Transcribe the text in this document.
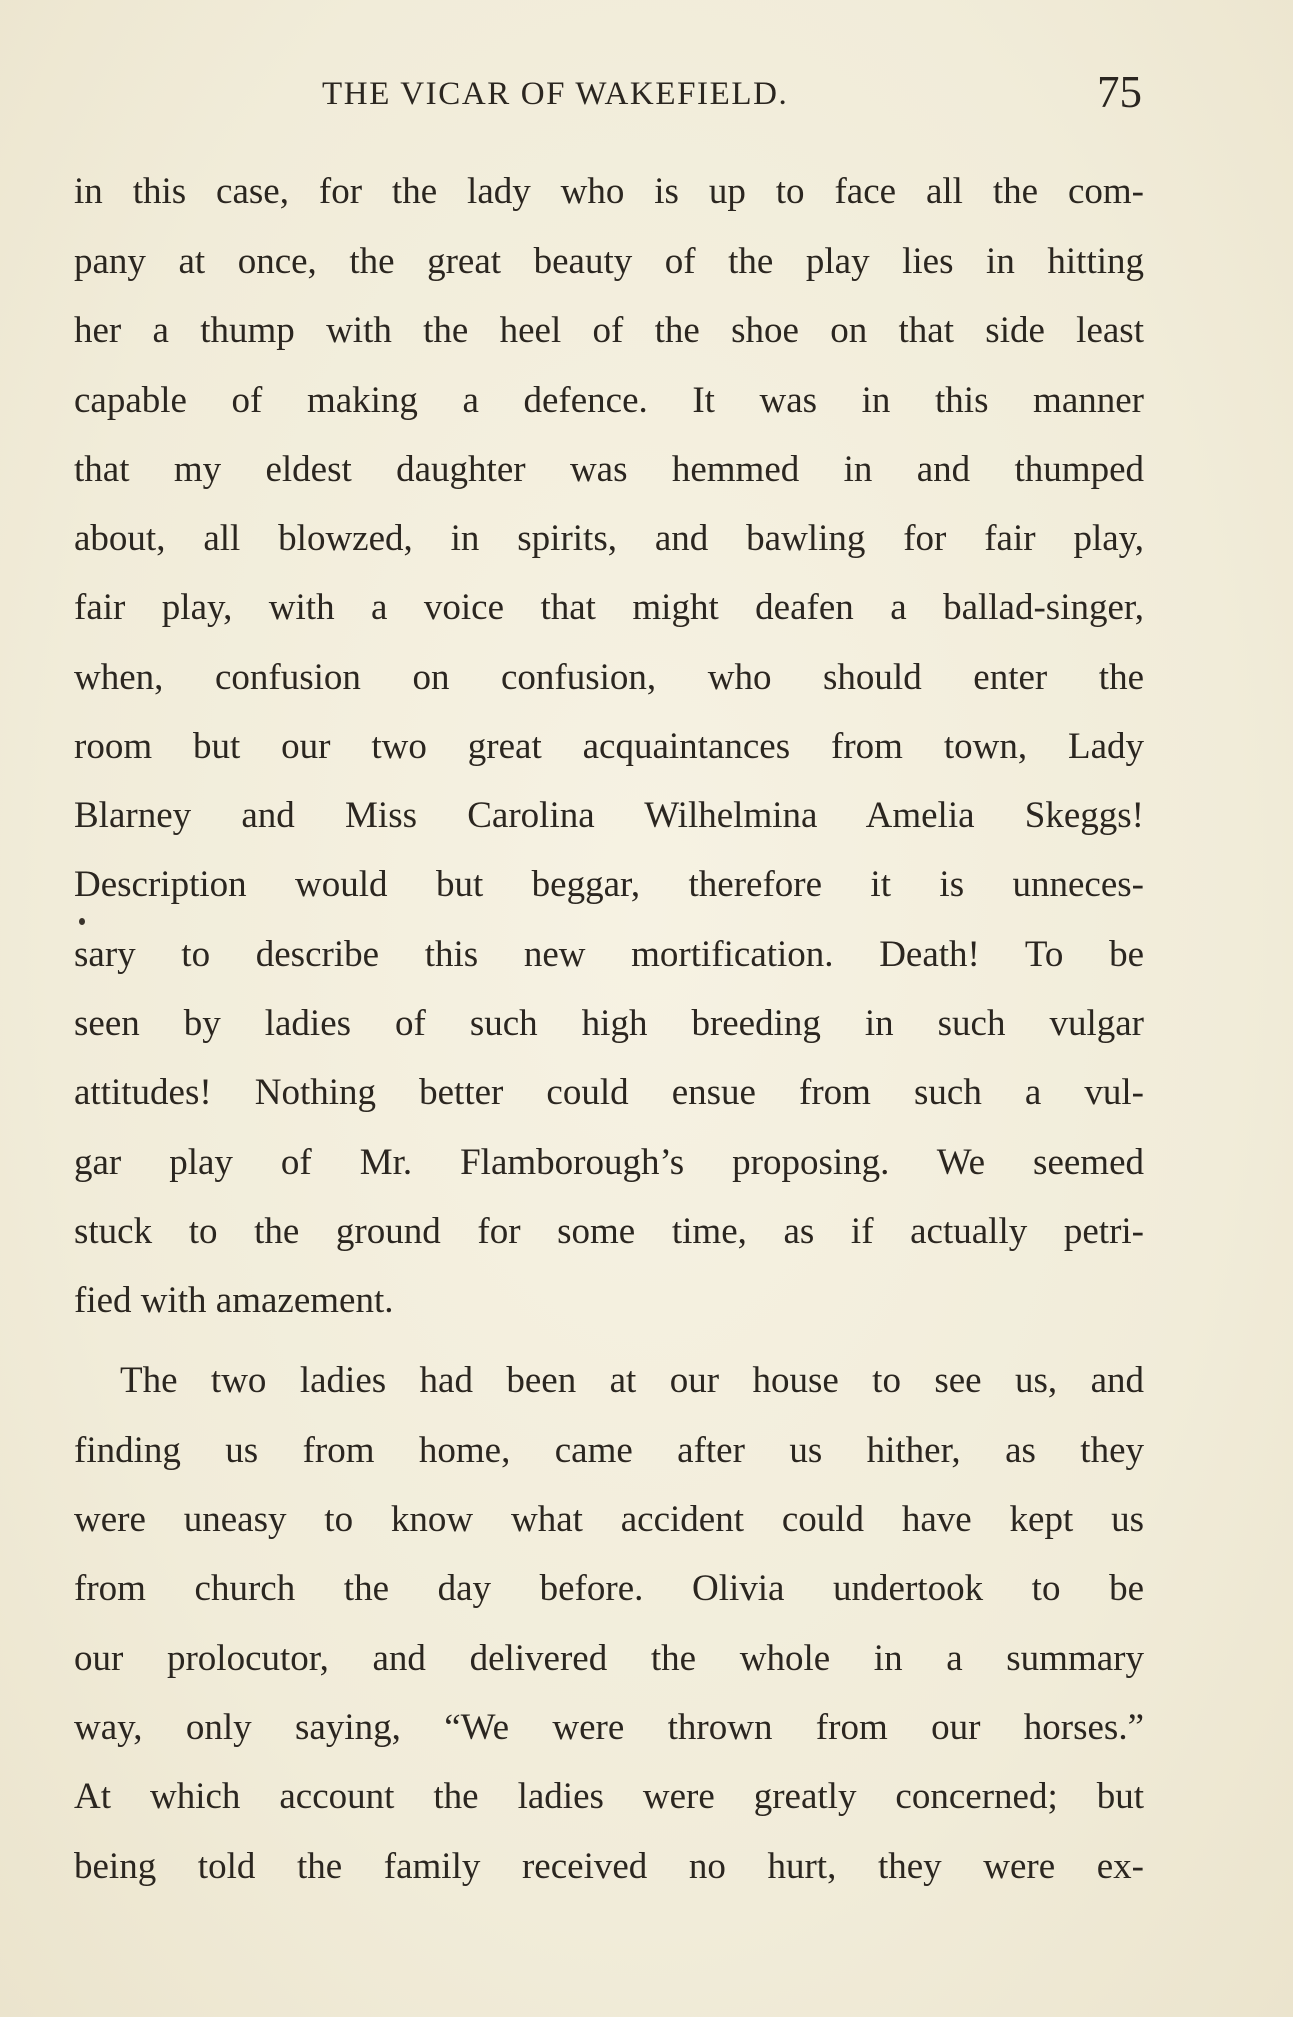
THE VICAR OF WAKEFIELD.	75
in this case, for the lady who is up to face all the com-
pany at once, the great beauty of the play lies in hitting
her a thump with the heel of the shoe on that side least
capable of making a defence. It was in this manner
that my eldest daughter was hemmed in and thumped
about, all blowzed, in spirits, and bawling for fair play,
fair play, with a voice that might deafen a ballad-singer,
when, confusion on confusion, who should enter the
room but our two great acquaintances from town, Lady
Blarney and Miss Carolina Wilhelmina Amelia Skeggs!
Description would but beggar, therefore it is unneces-
sary to describe this new mortification. Death! To be
seen by ladies of such high breeding in such vulgar
attitudes! Nothing better could ensue from such a vul-
gar play of Mr. Flamborough’s proposing. We seemed
stuck to the ground for some time, as if actually petri-
fied with amazement.
The two ladies had been at our house to see us, and
finding us from home, came after us hither, as they
were uneasy to know what accident could have kept us
from church the day before. Olivia undertook to be
our prolocutor, and delivered the whole in a summary
way, only saying, “We were thrown from our horses.”
At which account the ladies were greatly concerned; but
being told the family received no hurt, they were ex-
